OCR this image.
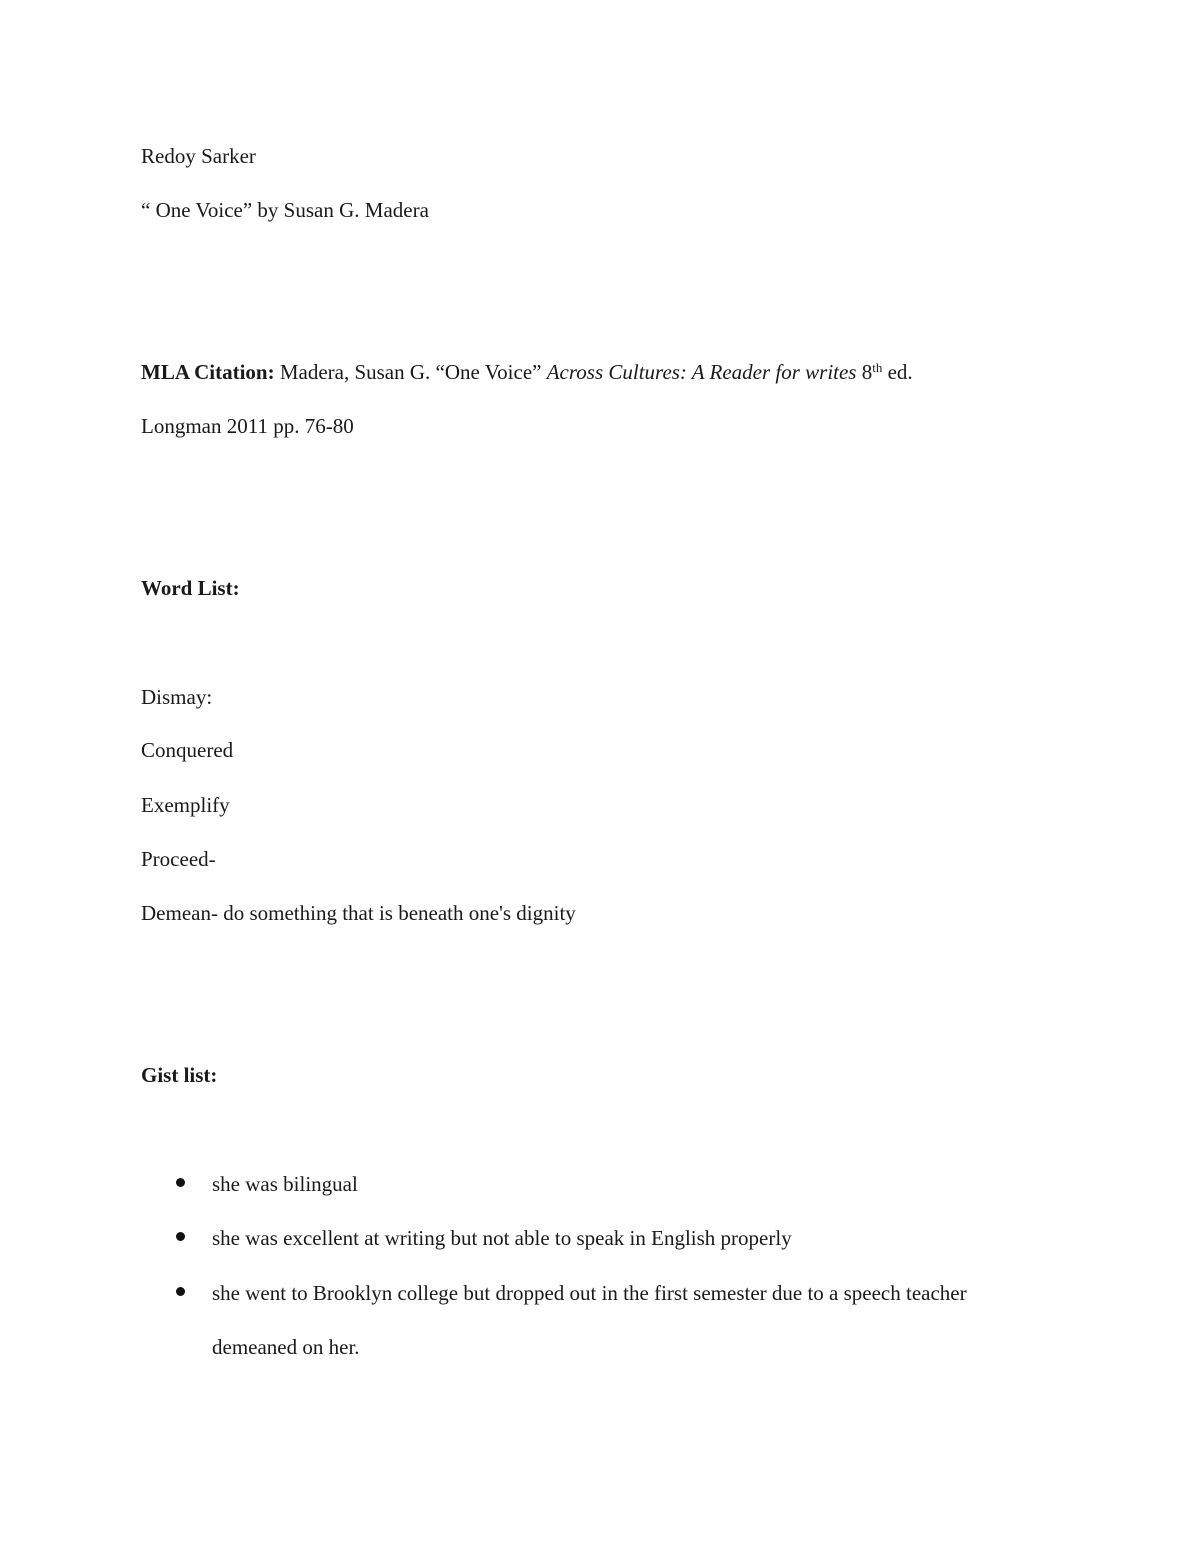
Redoy Sarker
“ One Voice” by Susan G. Madera
MLA Citation: Madera, Susan G. “One Voice” Across Cultures: A Reader for writes 8th ed.
Longman 2011 pp. 76-80
Word List:
Dismay:
Conquered
Exemplify
Proceed-
Demean- do something that is beneath one's dignity
Gist list:
she was bilingual
she was excellent at writing but not able to speak in English properly
she went to Brooklyn college but dropped out in the first semester due to a speech teacher
demeaned on her.
